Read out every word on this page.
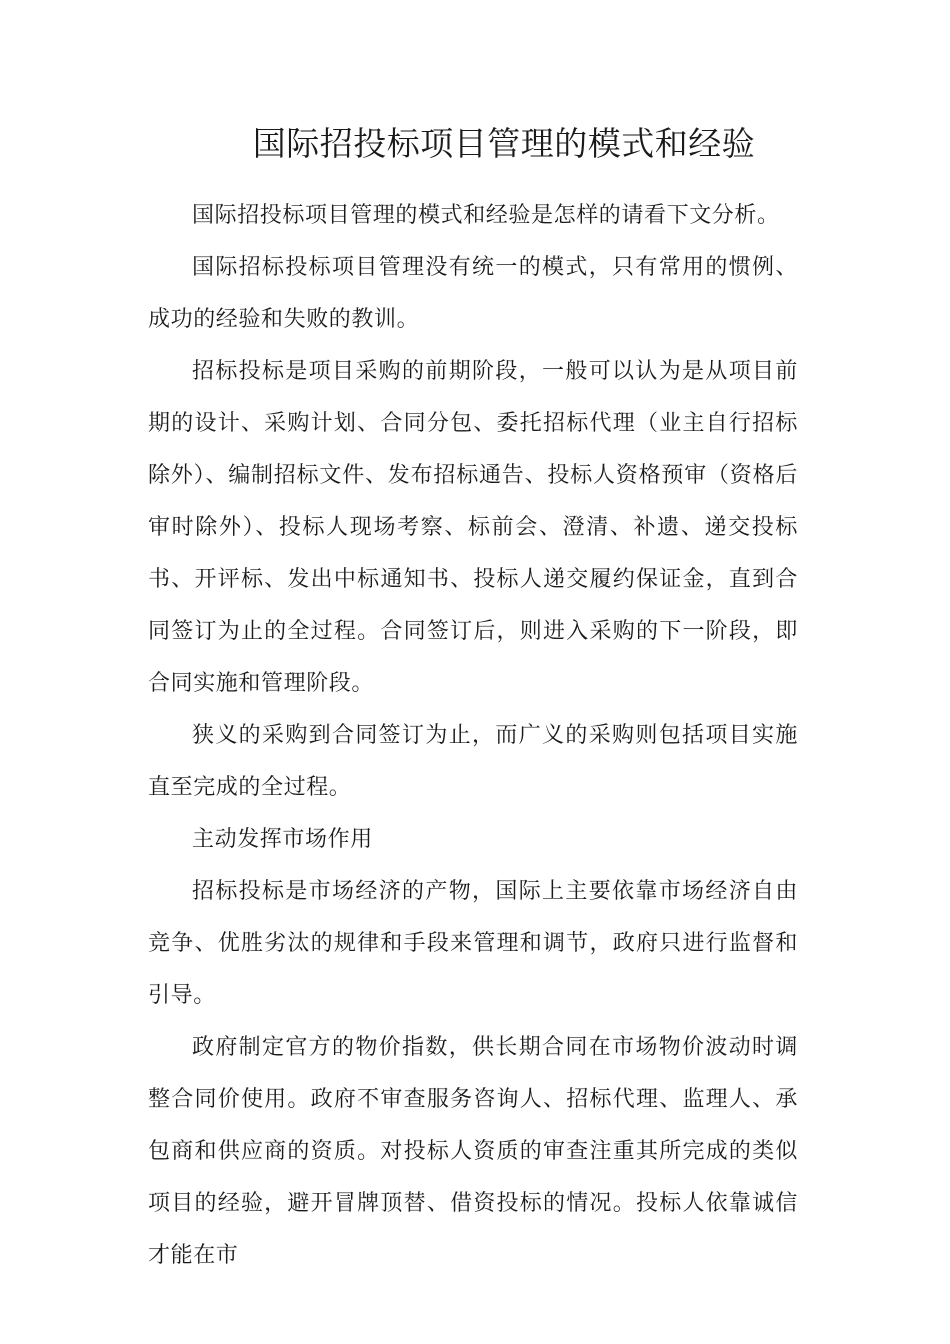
国际招投标项目管理的模式和经验

国际招投标项目管理的模式和经验是怎样的请看下文分析。

国际招标投标项目管理没有统一的模式，只有常用的惯例、成功的经验和失败的教训。

招标投标是项目采购的前期阶段，一般可以认为是从项目前期的设计、采购计划、合同分包、委托招标代理（业主自行招标除外）、编制招标文件、发布招标通告、投标人资格预审（资格后审时除外）、投标人现场考察、标前会、澄清、补遗、递交投标书、开评标、发出中标通知书、投标人递交履约保证金，直到合同签订为止的全过程。合同签订后，则进入采购的下一阶段，即合同实施和管理阶段。

狭义的采购到合同签订为止，而广义的采购则包括项目实施直至完成的全过程。

主动发挥市场作用

招标投标是市场经济的产物，国际上主要依靠市场经济自由竞争、优胜劣汰的规律和手段来管理和调节，政府只进行监督和引导。

政府制定官方的物价指数，供长期合同在市场物价波动时调整合同价使用。政府不审查服务咨询人、招标代理、监理人、承包商和供应商的资质。对投标人资质的审查注重其所完成的类似项目的经验，避开冒牌顶替、借资投标的情况。投标人依靠诚信才能在市
